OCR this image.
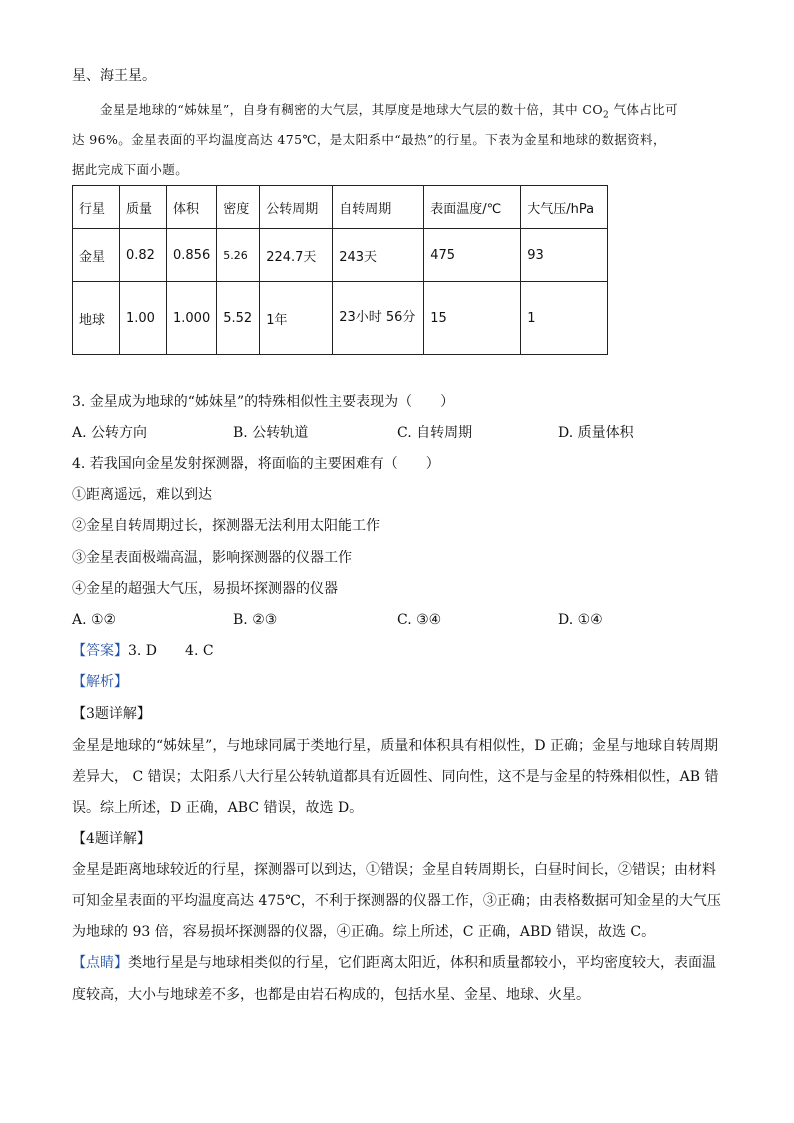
星、海王星。
金星是地球的“姊妹星”，自身有稠密的大气层，其厚度是地球大气层的数十倍，其中 $CO_2$ 气体占比可
达 96%。金星表面的平均温度高达 475℃，是太阳系中“最热”的行星。下表为金星和地球的数据资料，
据此完成下面小题。
行星	质量	体积	密度	公转周期	自转周期	表面温度/℃	大气压/hPa
金星	0.82	0.856	5.26	224.7天	243天	475	93
地球	1.00	1.000	5.52	1年	23小时 56分	15	1
3. 金星成为地球的“姊妹星”的特殊相似性主要表现为（　　）
A. 公转方向	B. 公转轨道	C. 自转周期	D. 质量体积
4. 若我国向金星发射探测器，将面临的主要困难有（　　）
①距离遥远，难以到达
②金星自转周期过长，探测器无法利用太阳能工作
③金星表面极端高温，影响探测器的仪器工作
④金星的超强大气压，易损坏探测器的仪器
A. ①②	B. ②③	C. ③④	D. ①④
【答案】3. D　　4. C
【解析】
【3题详解】
金星是地球的“姊妹星”，与地球同属于类地行星，质量和体积具有相似性，D 正确；金星与地球自转周期
差异大， C 错误；太阳系八大行星公转轨道都具有近圆性、同向性，这不是与金星的特殊相似性，AB 错
误。综上所述，D 正确，ABC 错误，故选 D。
【4题详解】
金星是距离地球较近的行星，探测器可以到达，①错误；金星自转周期长，白昼时间长，②错误；由材料
可知金星表面的平均温度高达 475℃，不利于探测器的仪器工作，③正确；由表格数据可知金星的大气压
为地球的 93 倍，容易损坏探测器的仪器，④正确。综上所述，C 正确，ABD 错误，故选 C。
【点睛】类地行星是与地球相类似的行星，它们距离太阳近，体积和质量都较小，平均密度较大，表面温
度较高，大小与地球差不多，也都是由岩石构成的，包括水星、金星、地球、火星。
